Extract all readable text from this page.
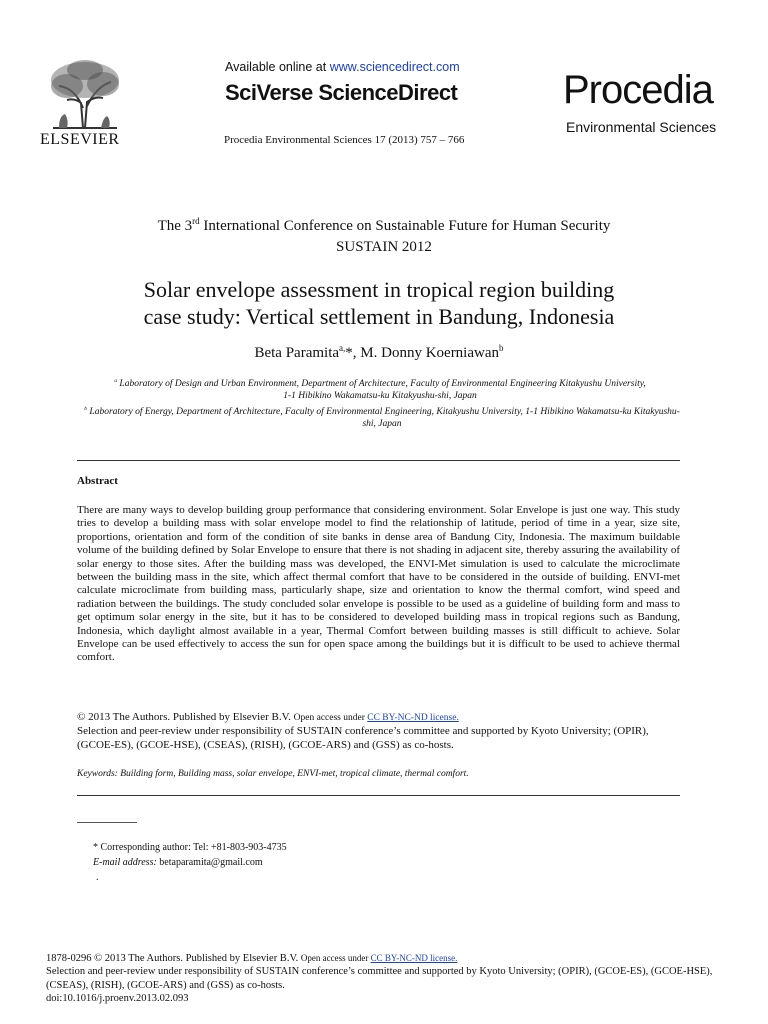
ELSEVIER
Available online at www.sciencedirect.com
SciVerse ScienceDirect
Procedia Environmental Sciences 17 (2013) 757 – 766
Procedia
Environmental Sciences
The 3rd International Conference on Sustainable Future for Human Security
SUSTAIN 2012
Solar envelope assessment in tropical region building
case study: Vertical settlement in Bandung, Indonesia
Beta Paramita$^{a,}$*, M. Donny Koerniawan$^b$
$^a$ Laboratory of Design and Urban Environment, Department of Architecture, Faculty of Environmental Engineering Kitakyushu University, 1-1 Hibikino Wakamatsu-ku Kitakyushu-shi, Japan
$^b$ Laboratory of Energy, Department of Architecture, Faculty of Environmental Engineering, Kitakyushu University, 1-1 Hibikino Wakamatsu-ku Kitakyushu-shi, Japan
Abstract
There are many ways to develop building group performance that considering environment. Solar Envelope is just one way. This study tries to develop a building mass with solar envelope model to find the relationship of latitude, period of time in a year, size site, proportions, orientation and form of the condition of site banks in dense area of Bandung City, Indonesia. The maximum buildable volume of the building defined by Solar Envelope to ensure that there is not shading in adjacent site, thereby assuring the availability of solar energy to those sites. After the building mass was developed, the ENVI-Met simulation is used to calculate the microclimate between the building mass in the site, which affect thermal comfort that have to be considered in the outside of building. ENVI-met calculate microclimate from building mass, particularly shape, size and orientation to know the thermal comfort, wind speed and radiation between the buildings. The study concluded solar envelope is possible to be used as a guideline of building form and mass to get optimum solar energy in the site, but it has to be considered to developed building mass in tropical regions such as Bandung, Indonesia, which daylight almost available in a year, Thermal Comfort between building masses is still difficult to achieve. Solar Envelope can be used effectively to access the sun for open space among the buildings but it is difficult to be used to achieve thermal comfort.
© 2013 The Authors. Published by Elsevier B.V. Open access under CC BY-NC-ND license.
Selection and peer-review under responsibility of SUSTAIN conference’s committee and supported by Kyoto University; (OPIR), (GCOE-ES), (GCOE-HSE), (CSEAS), (RISH), (GCOE-ARS) and (GSS) as co-hosts.
Keywords: Building form, Building mass, solar envelope, ENVI-met, tropical climate, thermal comfort.
* Corresponding author: Tel: +81-803-903-4735
E-mail address: betaparamita@gmail.com
.
1878-0296 © 2013 The Authors. Published by Elsevier B.V. Open access under CC BY-NC-ND license.
Selection and peer-review under responsibility of SUSTAIN conference’s committee and supported by Kyoto University; (OPIR), (GCOE-ES), (GCOE-HSE), (CSEAS), (RISH), (GCOE-ARS) and (GSS) as co-hosts.
doi:10.1016/j.proenv.2013.02.093
